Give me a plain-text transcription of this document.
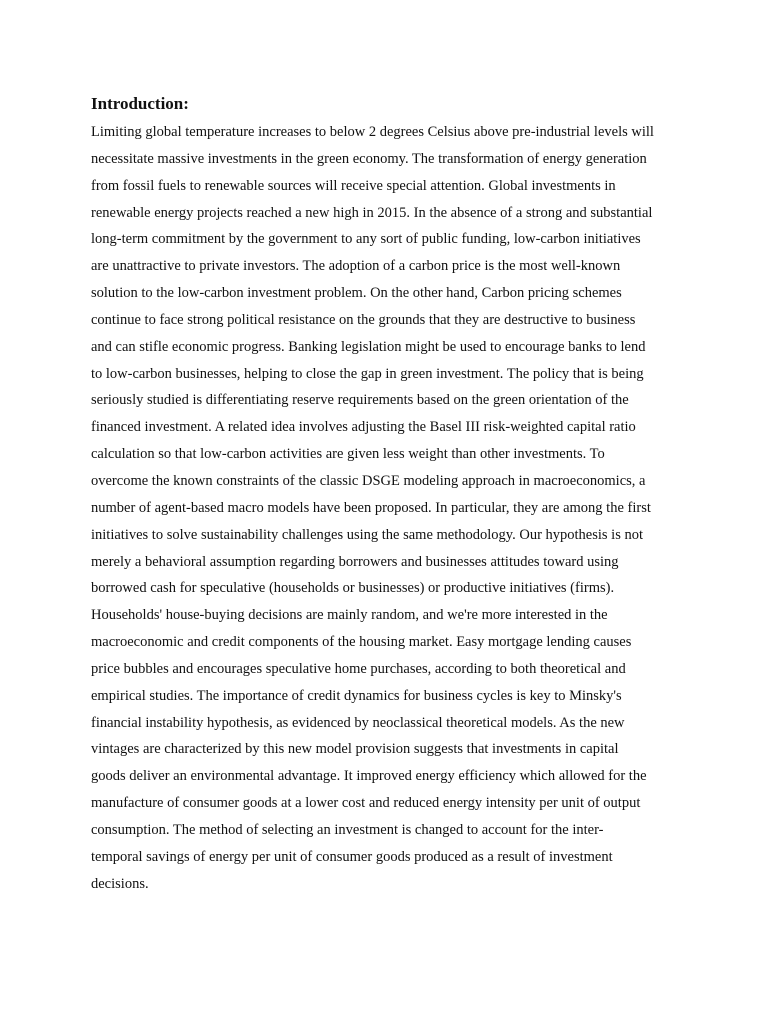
Introduction:

Limiting global temperature increases to below 2 degrees Celsius above pre-industrial levels will
necessitate massive investments in the green economy. The transformation of energy generation
from fossil fuels to renewable sources will receive special attention. Global investments in
renewable energy projects reached a new high in 2015. In the absence of a strong and substantial
long-term commitment by the government to any sort of public funding, low-carbon initiatives
are unattractive to private investors. The adoption of a carbon price is the most well-known
solution to the low-carbon investment problem. On the other hand, Carbon pricing schemes
continue to face strong political resistance on the grounds that they are destructive to business
and can stifle economic progress. Banking legislation might be used to encourage banks to lend
to low-carbon businesses, helping to close the gap in green investment. The policy that is being
seriously studied is differentiating reserve requirements based on the green orientation of the
financed investment. A related idea involves adjusting the Basel III risk-weighted capital ratio
calculation so that low-carbon activities are given less weight than other investments. To
overcome the known constraints of the classic DSGE modeling approach in macroeconomics, a
number of agent-based macro models have been proposed. In particular, they are among the first
initiatives to solve sustainability challenges using the same methodology. Our hypothesis is not
merely a behavioral assumption regarding borrowers and businesses attitudes toward using
borrowed cash for speculative (households or businesses) or productive initiatives (firms).
Households' house-buying decisions are mainly random, and we're more interested in the
macroeconomic and credit components of the housing market. Easy mortgage lending causes
price bubbles and encourages speculative home purchases, according to both theoretical and
empirical studies. The importance of credit dynamics for business cycles is key to Minsky's
financial instability hypothesis, as evidenced by neoclassical theoretical models. As the new
vintages are characterized by this new model provision suggests that investments in capital
goods deliver an environmental advantage. It improved energy efficiency which allowed for the
manufacture of consumer goods at a lower cost and reduced energy intensity per unit of output
consumption. The method of selecting an investment is changed to account for the inter-
temporal savings of energy per unit of consumer goods produced as a result of investment
decisions.
